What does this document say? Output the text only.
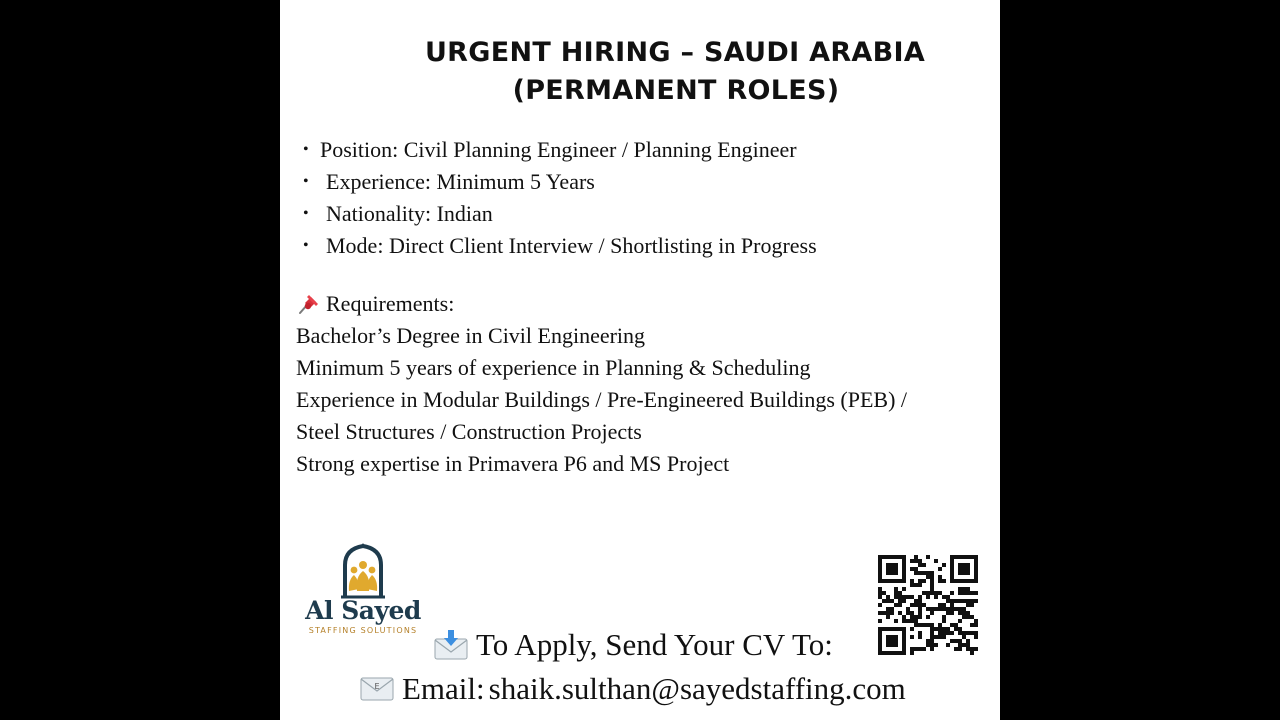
URGENT HIRING – SAUDI ARABIA
(PERMANENT ROLES)
• Position: Civil Planning Engineer / Planning Engineer
• Experience: Minimum 5 Years
• Nationality: Indian
• Mode: Direct Client Interview / Shortlisting in Progress
Requirements:
Bachelor’s Degree in Civil Engineering
Minimum 5 years of experience in Planning & Scheduling
Experience in Modular Buildings / Pre-Engineered Buildings (PEB) /
Steel Structures / Construction Projects
Strong expertise in Primavera P6 and MS Project
Al Sayed
STAFFING SOLUTIONS To Apply, Send Your CV To:
E Email: shaik.sulthan@sayedstaffing.com
